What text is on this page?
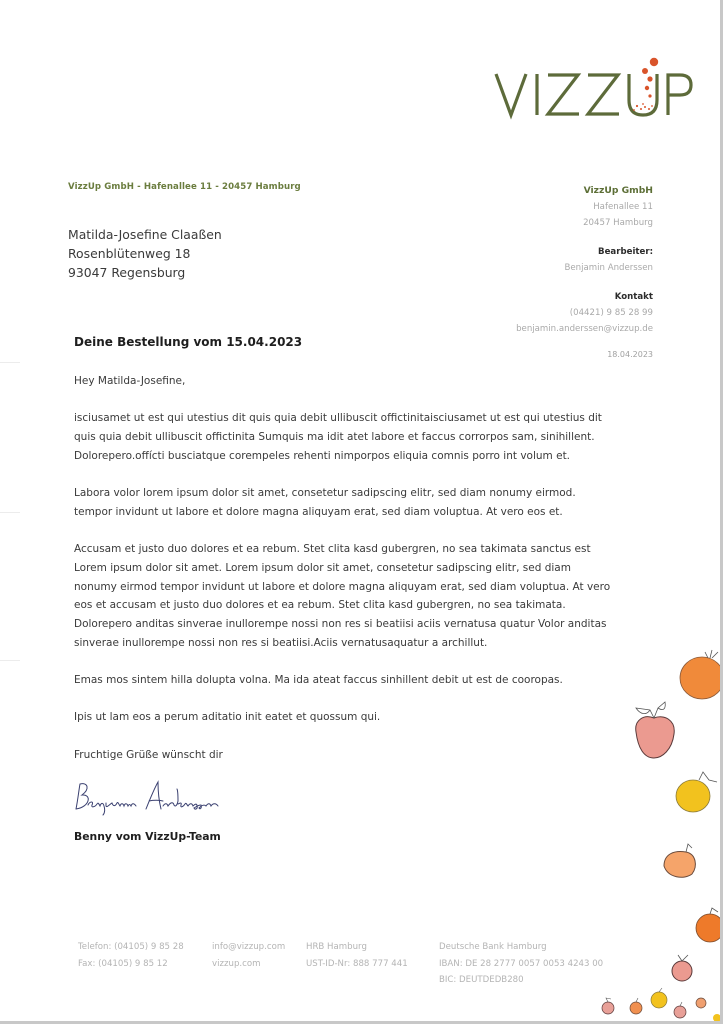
VizzUp GmbH - Hafenallee 11 - 20457 Hamburg
Matilda-Josefine Claaßen
Rosenblütenweg 18
93047 Regensburg
VizzUp GmbH
Hafenallee 11
20457 Hamburg
Bearbeiter:
Benjamin Anderssen
Kontakt
(04421) 9 85 28 99
benjamin.anderssen@vizzup.de
18.04.2023
Deine Bestellung vom 15.04.2023

Hey Matilda-Josefine,

isciusamet ut est qui utestius dit quis quia debit ullibuscit offictinitaisciusamet ut est qui utestius dit quis quia debit ullibuscit offictinita Sumquis ma idit atet labore et faccus corrorpos sam, sinihillent. Dolorepero.offícti busciatque corempeles rehenti nimporpos eliquia comnis porro int volum et.

Labora volor lorem ipsum dolor sit amet, consetetur sadipscing elitr, sed diam nonumy eirmod. tempor invidunt ut labore et dolore magna aliquyam erat, sed diam voluptua. At vero eos et.

Accusam et justo duo dolores et ea rebum. Stet clita kasd gubergren, no sea takimata sanctus est Lorem ipsum dolor sit amet. Lorem ipsum dolor sit amet, consetetur sadipscing elitr, sed diam nonumy eirmod tempor invidunt ut labore et dolore magna aliquyam erat, sed diam voluptua. At vero eos et accusam et justo duo dolores et ea rebum. Stet clita kasd gubergren, no sea takimata. Dolorepero anditas sinverae inullorempe nossi non res si beatiisi aciis vernatusa quatur Volor anditas sinverae inullorempe nossi non res si beatiisi.Aciis vernatusaquatur a archillut.

Emas mos sintem hilla dolupta volna. Ma ida ateat faccus sinhillent debit ut est de cooropas.

Ipis ut lam eos a perum aditatio init eatet et quossum qui.

Fruchtige Grüße wünscht dir

Benny vom VizzUp-Team
Telefon: (04105) 9 85 28
Fax: (04105) 9 85 12
info@vizzup.com
vizzup.com
HRB Hamburg
UST-ID-Nr: 888 777 441
Deutsche Bank Hamburg
IBAN: DE 28 2777 0057 0053 4243 00
BIC: DEUTDEDB280
